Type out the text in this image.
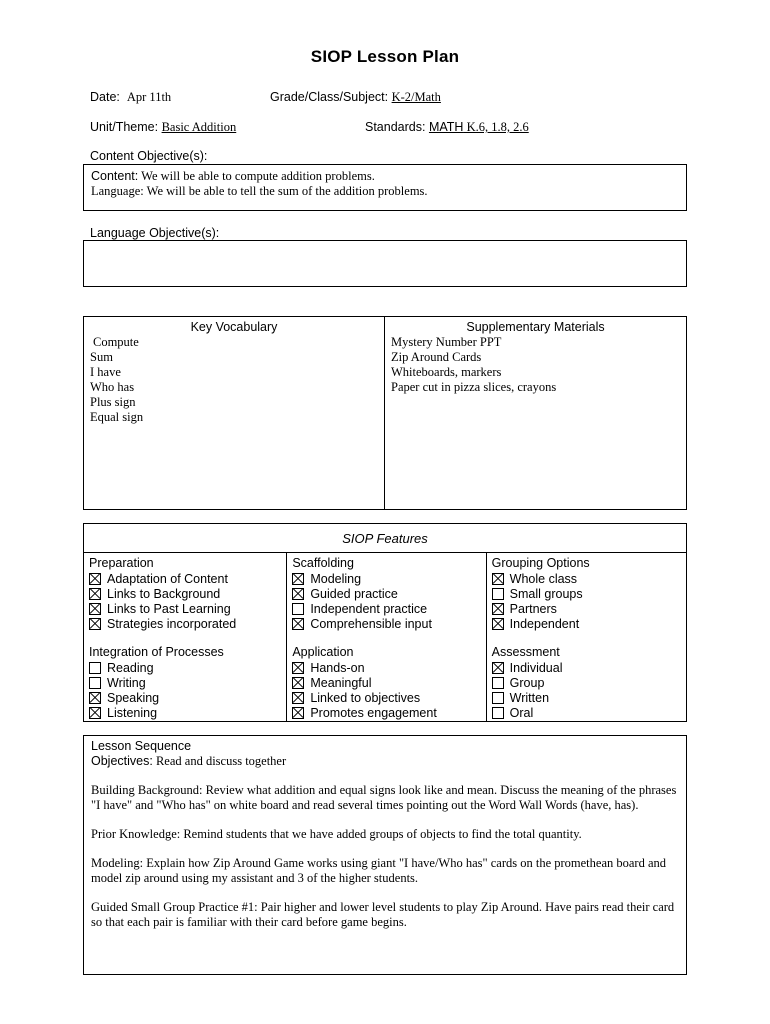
SIOP Lesson Plan
Date: Apr 11th	Grade/Class/Subject: K-2/Math
Unit/Theme: Basic Addition	Standards: MATH K.6, 1.8, 2.6
Content Objective(s):
Content: We will be able to compute addition problems.
Language: We will be able to tell the sum of the addition problems.
Language Objective(s):
Key Vocabulary
Compute
Sum
I have
Who has
Plus sign
Equal sign
Supplementary Materials
Mystery Number PPT
Zip Around Cards
Whiteboards, markers
Paper cut in pizza slices, crayons
SIOP Features
Preparation
Adaptation of Content
Links to Background
Links to Past Learning
Strategies incorporated
Integration of Processes
Reading
Writing
Speaking
Listening
Scaffolding
Modeling
Guided practice
Independent practice
Comprehensible input
Application
Hands-on
Meaningful
Linked to objectives
Promotes engagement
Grouping Options
Whole class
Small groups
Partners
Independent
Assessment
Individual
Group
Written
Oral
Lesson Sequence
Objectives: Read and discuss together

Building Background: Review what addition and equal signs look like and mean. Discuss the meaning of the phrases "I have" and "Who has" on white board and read several times pointing out the Word Wall Words (have, has).

Prior Knowledge: Remind students that we have added groups of objects to find the total quantity.

Modeling: Explain how Zip Around Game works using giant "I have/Who has" cards on the promethean board and model zip around using my assistant and 3 of the higher students.

Guided Small Group Practice #1: Pair higher and lower level students to play Zip Around. Have pairs read their card so that each pair is familiar with their card before game begins.
